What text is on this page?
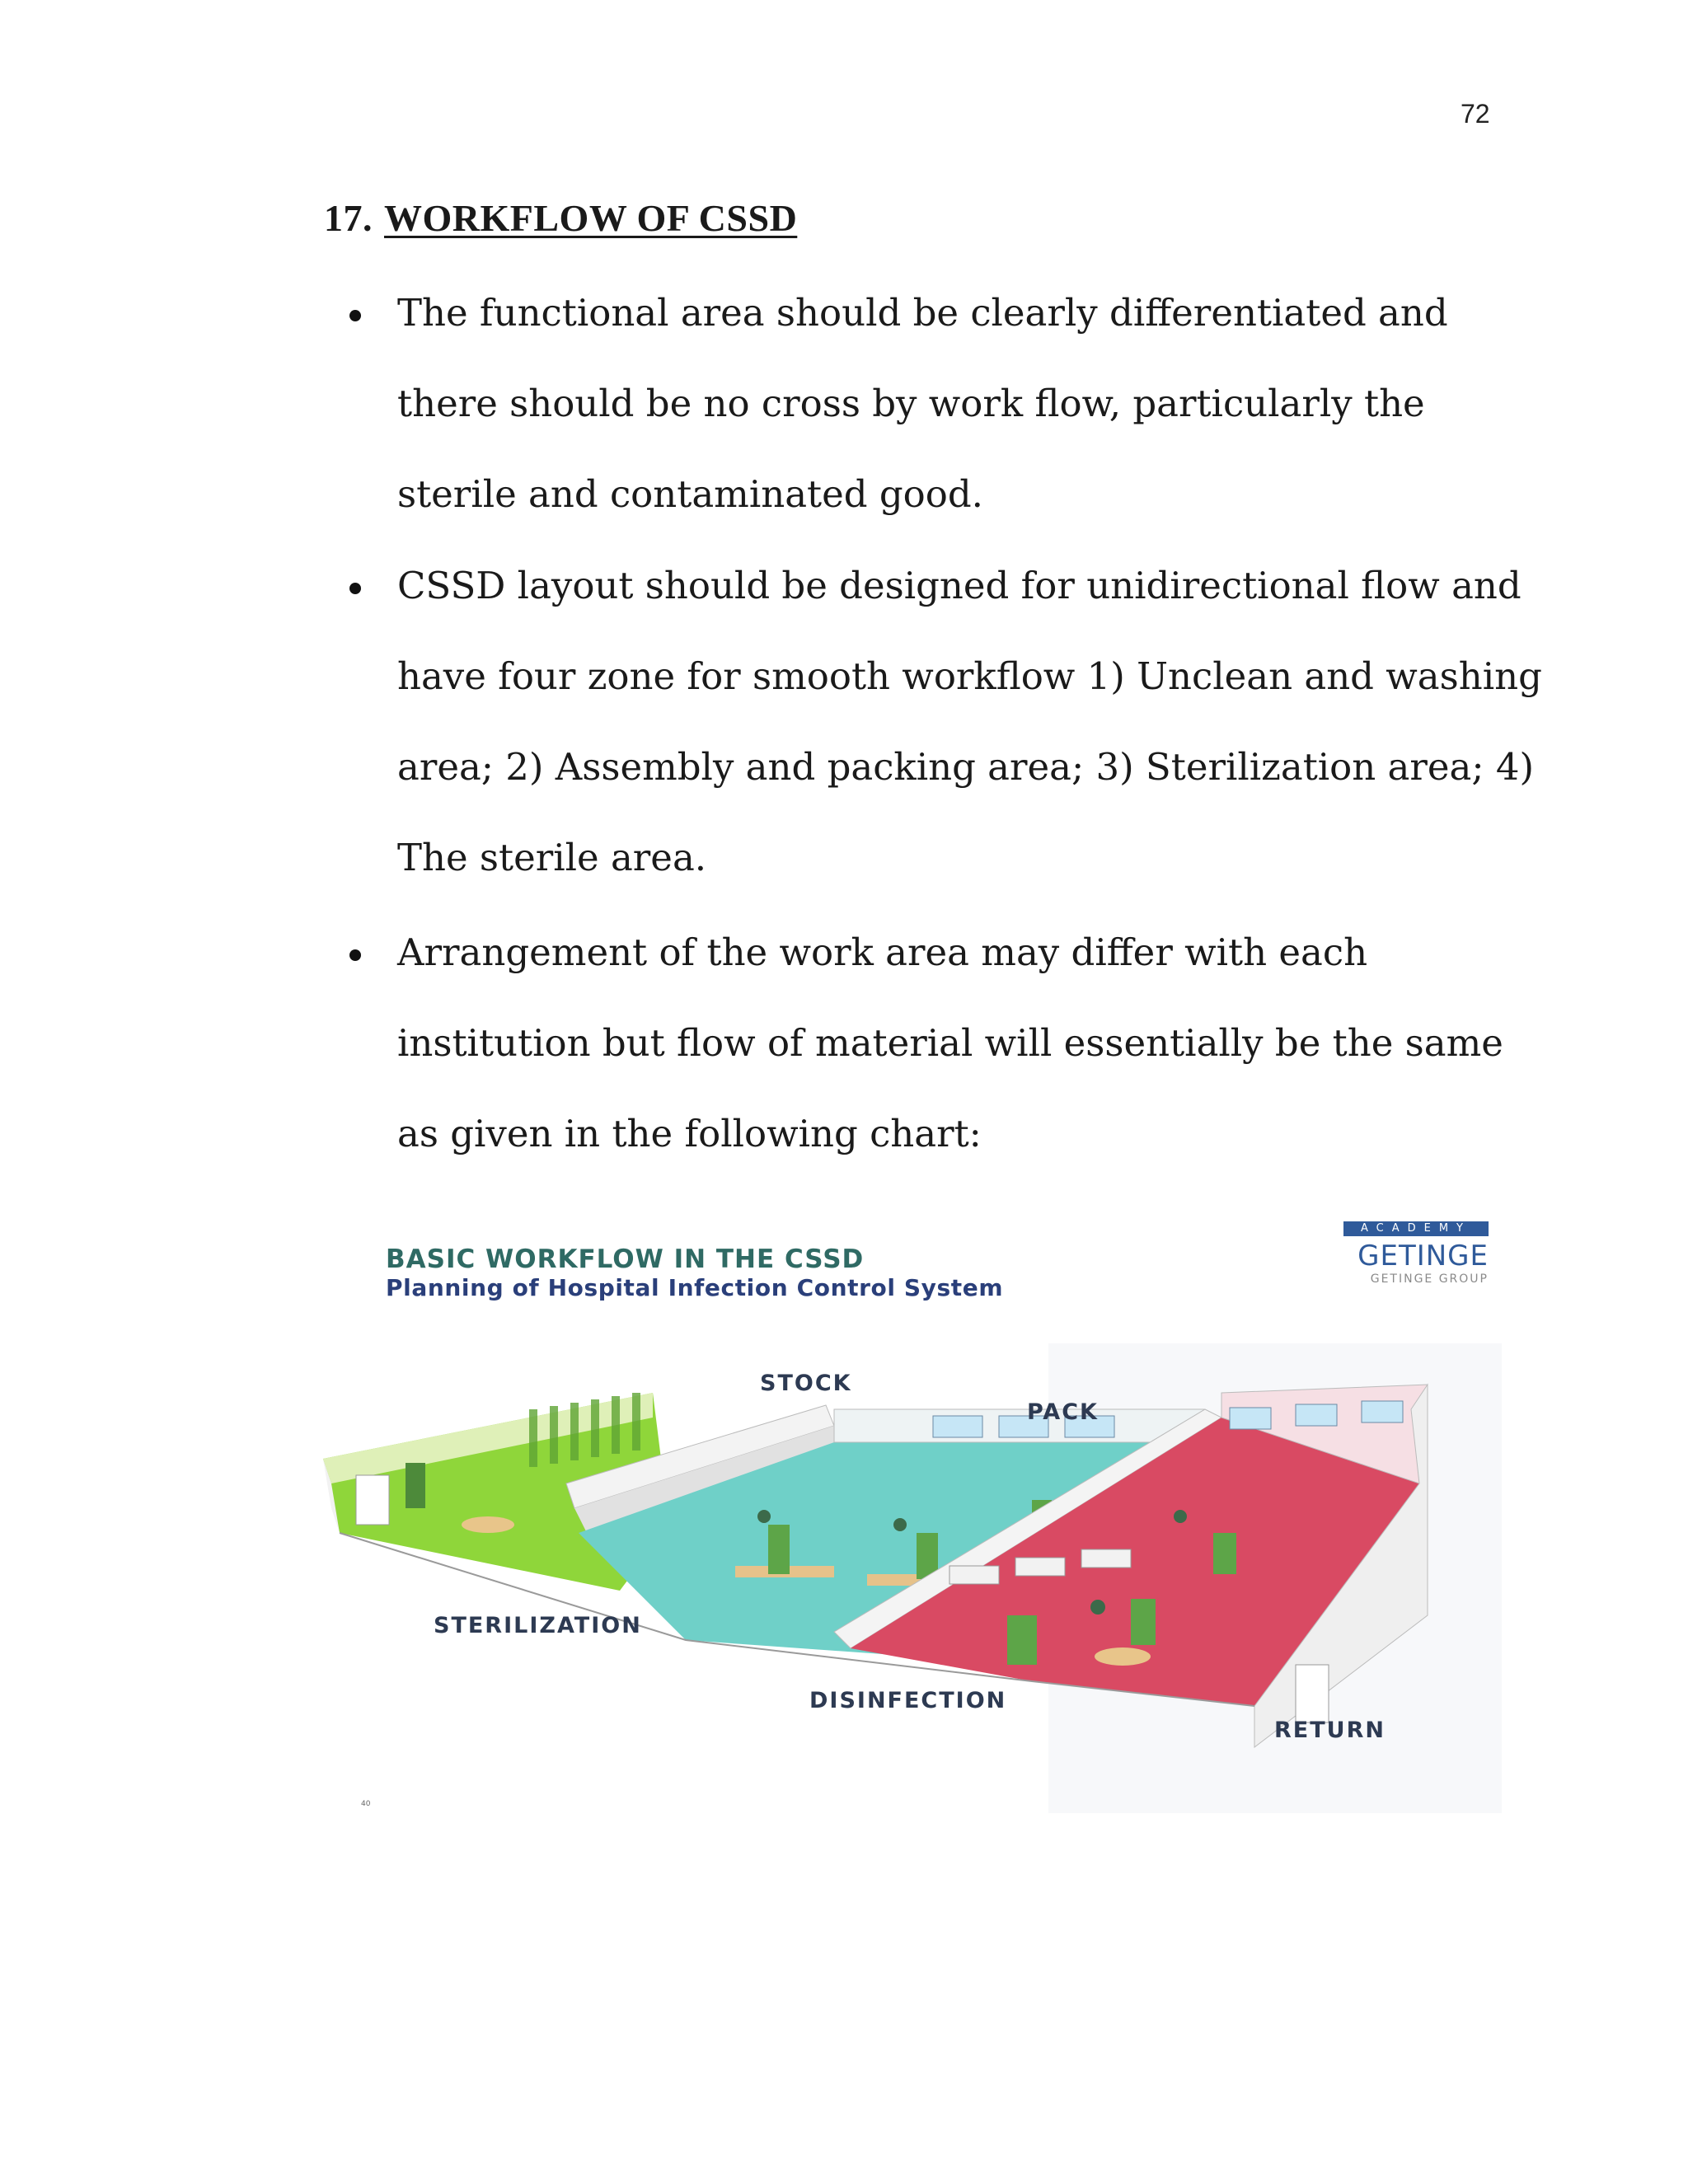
72
17. WORKFLOW OF CSSD
The functional area should be clearly differentiated and
there should be no cross by work flow, particularly the
sterile and contaminated good.
CSSD layout should be designed for unidirectional flow and
have four zone for smooth workflow 1) Unclean and washing
area; 2) Assembly and packing area; 3) Sterilization area; 4)
The sterile area.
Arrangement of the work area may differ with each
institution but flow of material will essentially be the same
as given in the following chart:
BASIC WORKFLOW IN THE CSSD
Planning of Hospital Infection Control System
ACADEMY
GETINGE
GETINGE GROUP
STOCK
PACK
STERILIZATION
DISINFECTION
RETURN
40
